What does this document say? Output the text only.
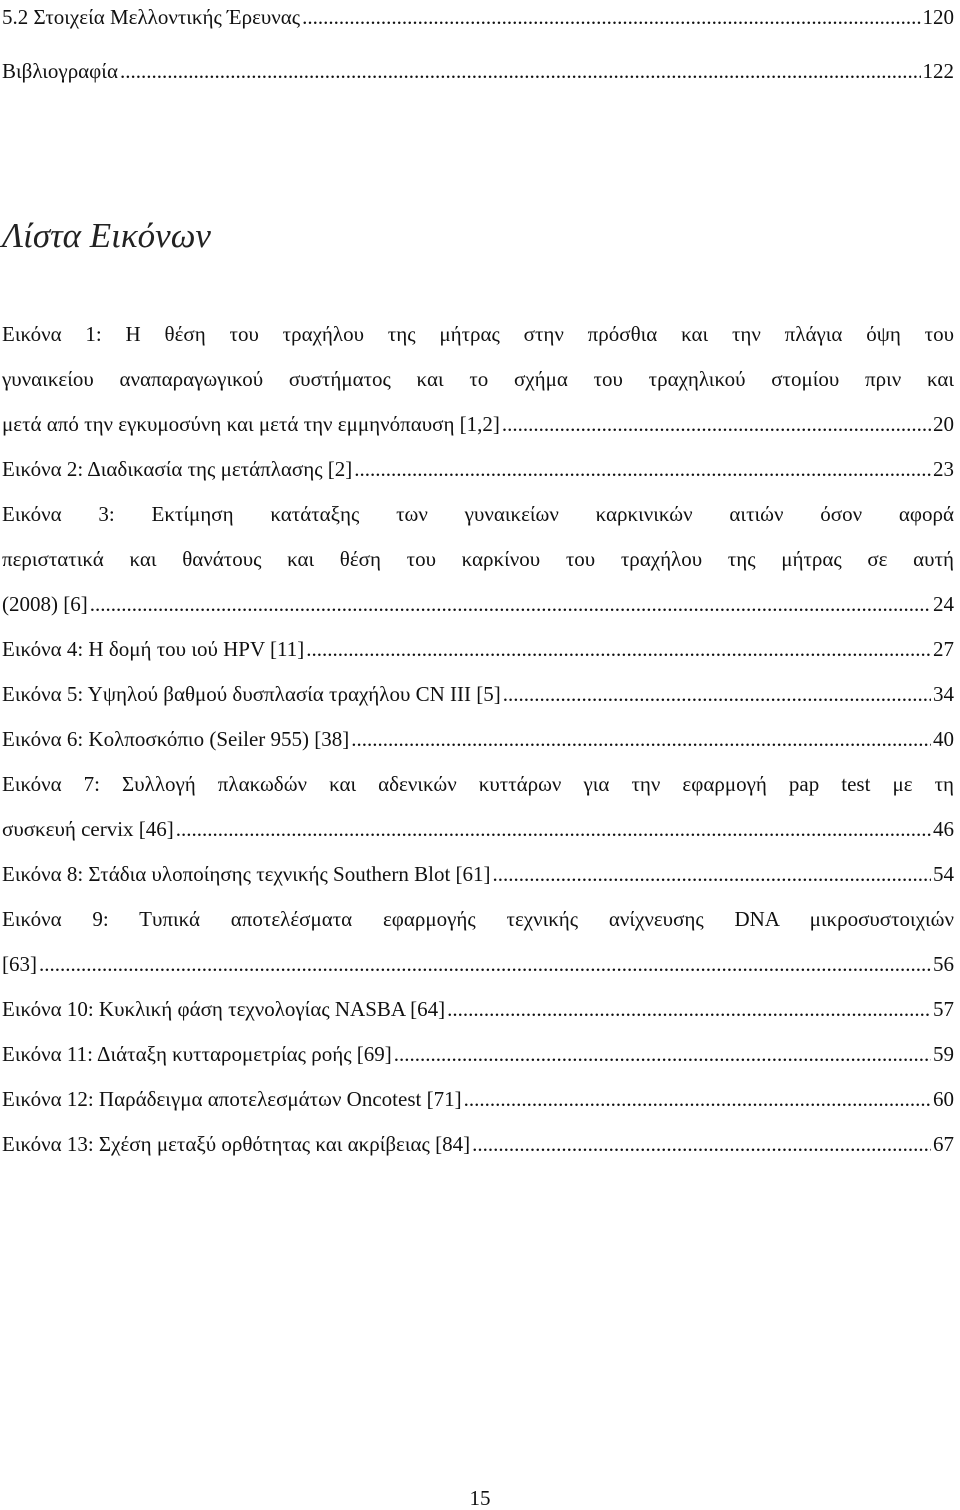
5.2 Στοιχεία Μελλοντικής Έρευνας .....	120
Βιβλιογραφία .....	122
Λίστα Εικόνων
Εικόνα 1: Η θέση του τραχήλου της μήτρας στην πρόσθια και την πλάγια όψη του
γυναικείου αναπαραγωγικού συστήματος και το σχήμα του τραχηλικού στομίου πριν και
μετά από την εγκυμοσύνη και μετά την εμμηνόπαυση [1,2] .....	20
Εικόνα 2: Διαδικασία της μετάπλασης [2] .....	23
Εικόνα 3: Εκτίμηση κατάταξης των γυναικείων καρκινικών αιτιών όσον αφορά
περιστατικά και θανάτους και θέση του καρκίνου του τραχήλου της μήτρας σε αυτή
(2008) [6] .....	24
Εικόνα 4: Η δομή του ιού HPV [11] .....	27
Εικόνα 5: Υψηλού βαθμού δυσπλασία τραχήλου CN III [5] .....	34
Εικόνα 6: Κολποσκόπιο (Seiler 955) [38] .....	40
Εικόνα 7: Συλλογή πλακωδών και αδενικών κυττάρων για την εφαρμογή pap test με τη
συσκευή cervix [46] .....	46
Εικόνα 8: Στάδια υλοποίησης τεχνικής Southern Blot [61] .....	54
Εικόνα 9: Τυπικά αποτελέσματα εφαρμογής τεχνικής ανίχνευσης DNA μικροσυστοιχιών
[63] .....	56
Εικόνα 10: Κυκλική φάση τεχνολογίας NASBA [64] .....	57
Εικόνα 11: Διάταξη κυτταρομετρίας ροής [69] .....	59
Εικόνα 12: Παράδειγμα αποτελεσμάτων Oncotest [71] .....	60
Εικόνα 13: Σχέση μεταξύ ορθότητας και ακρίβειας [84] .....	67
15
